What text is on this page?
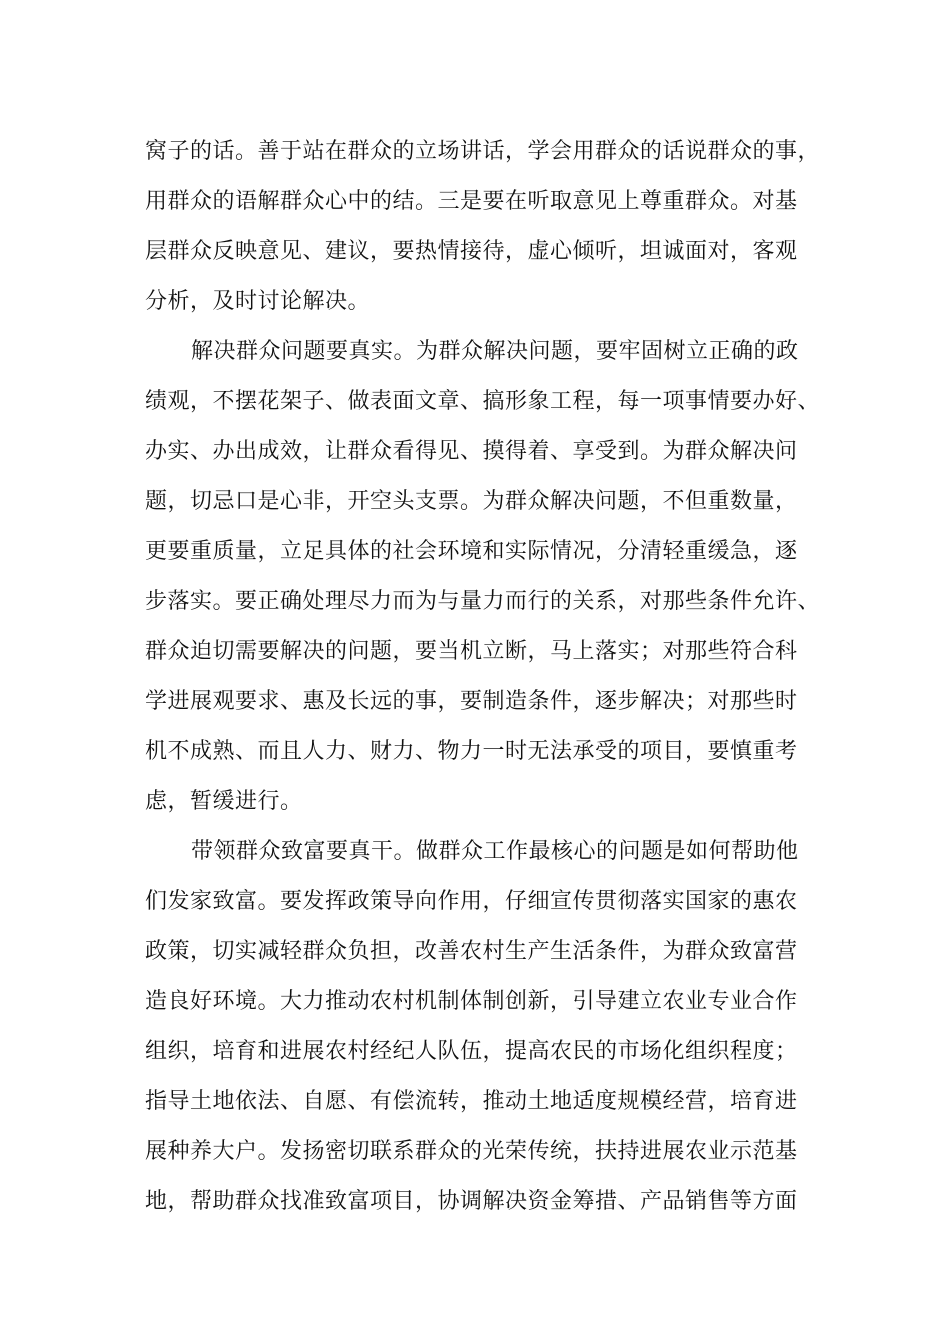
窝子的话。善于站在群众的立场讲话，学会用群众的话说群众的事，
用群众的语解群众心中的结。三是要在听取意见上尊重群众。对基
层群众反映意见、建议，要热情接待，虚心倾听，坦诚面对，客观
分析，及时讨论解决。
解决群众问题要真实。为群众解决问题，要牢固树立正确的政
绩观，不摆花架子、做表面文章、搞形象工程，每一项事情要办好、
办实、办出成效，让群众看得见、摸得着、享受到。为群众解决问
题，切忌口是心非，开空头支票。为群众解决问题，不但重数量，
更要重质量，立足具体的社会环境和实际情况，分清轻重缓急，逐
步落实。要正确处理尽力而为与量力而行的关系，对那些条件允许、
群众迫切需要解决的问题，要当机立断，马上落实；对那些符合科
学进展观要求、惠及长远的事，要制造条件，逐步解决；对那些时
机不成熟、而且人力、财力、物力一时无法承受的项目，要慎重考
虑，暂缓进行。
带领群众致富要真干。做群众工作最核心的问题是如何帮助他
们发家致富。要发挥政策导向作用，仔细宣传贯彻落实国家的惠农
政策，切实减轻群众负担，改善农村生产生活条件，为群众致富营
造良好环境。大力推动农村机制体制创新，引导建立农业专业合作
组织，培育和进展农村经纪人队伍，提高农民的市场化组织程度；
指导土地依法、自愿、有偿流转，推动土地适度规模经营，培育进
展种养大户。发扬密切联系群众的光荣传统，扶持进展农业示范基
地，帮助群众找准致富项目，协调解决资金筹措、产品销售等方面
